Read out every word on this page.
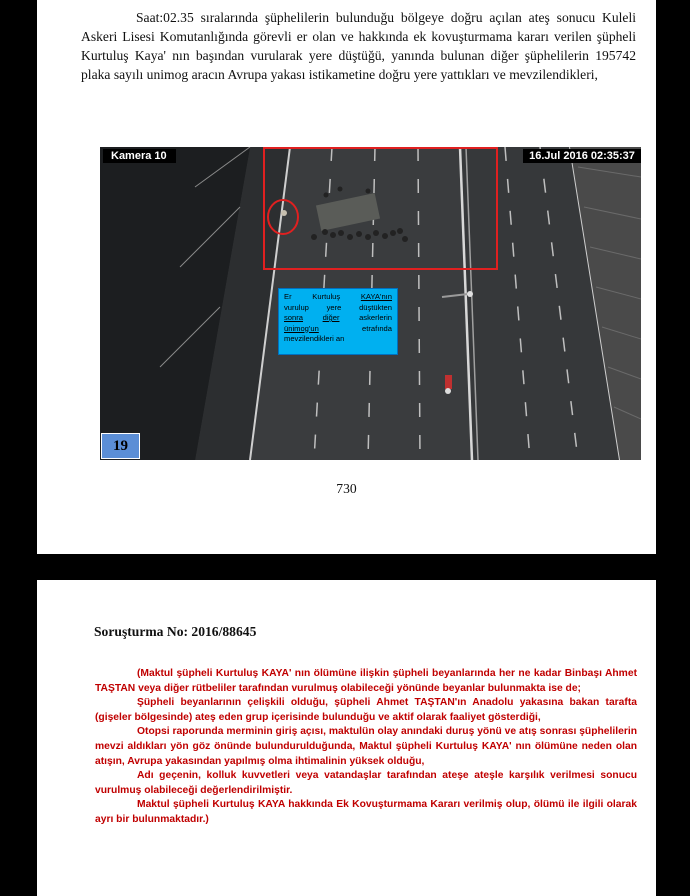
Saat:02.35 sıralarında şüphelilerin bulunduğu bölgeye doğru açılan ateş sonucu Kuleli Askeri Lisesi Komutanlığında görevli er olan ve hakkında ek kovuşturmama kararı verilen şüpheli Kurtuluş Kaya' nın başından vurularak yere düştüğü, yanında bulunan diğer şüphelilerin 195742 plaka sayılı unimog aracın Avrupa yakası istikametine doğru yere yattıkları ve mevzilendikleri,

Kamera 10	16.Jul 2016 02:35:37
Er	Kurtuluş	KAYA'nın
vurulup yere düştükten
sonra	diğer	askerlerin
ünimog'un	etrafında
mevzilendikleri an
19
730
Soruşturma No: 2016/88645

(Maktul şüpheli Kurtuluş KAYA' nın ölümüne ilişkin şüpheli beyanlarında her ne kadar Binbaşı Ahmet TAŞTAN veya diğer rütbeliler tarafından vurulmuş olabileceği yönünde beyanlar bulunmakta ise de;

Şüpheli beyanlarının çelişkili olduğu, şüpheli Ahmet TAŞTAN'ın Anadolu yakasına bakan tarafta (gişeler bölgesinde) ateş eden grup içerisinde bulunduğu ve aktif olarak faaliyet gösterdiği,

Otopsi raporunda merminin giriş açısı, maktulün olay anındaki duruş yönü ve atış sonrası şüphelilerin mevzi aldıkları yön göz önünde bulundurulduğunda, Maktul şüpheli Kurtuluş KAYA' nın ölümüne neden olan atışın, Avrupa yakasından yapılmış olma ihtimalinin yüksek olduğu,

Adı geçenin, kolluk kuvvetleri veya vatandaşlar tarafından ateşe ateşle karşılık verilmesi sonucu vurulmuş olabileceği değerlendirilmiştir.

Maktul şüpheli Kurtuluş KAYA hakkında Ek Kovuşturmama Kararı verilmiş olup, ölümü ile ilgili olarak ayrı bir bulunmaktadır.)
